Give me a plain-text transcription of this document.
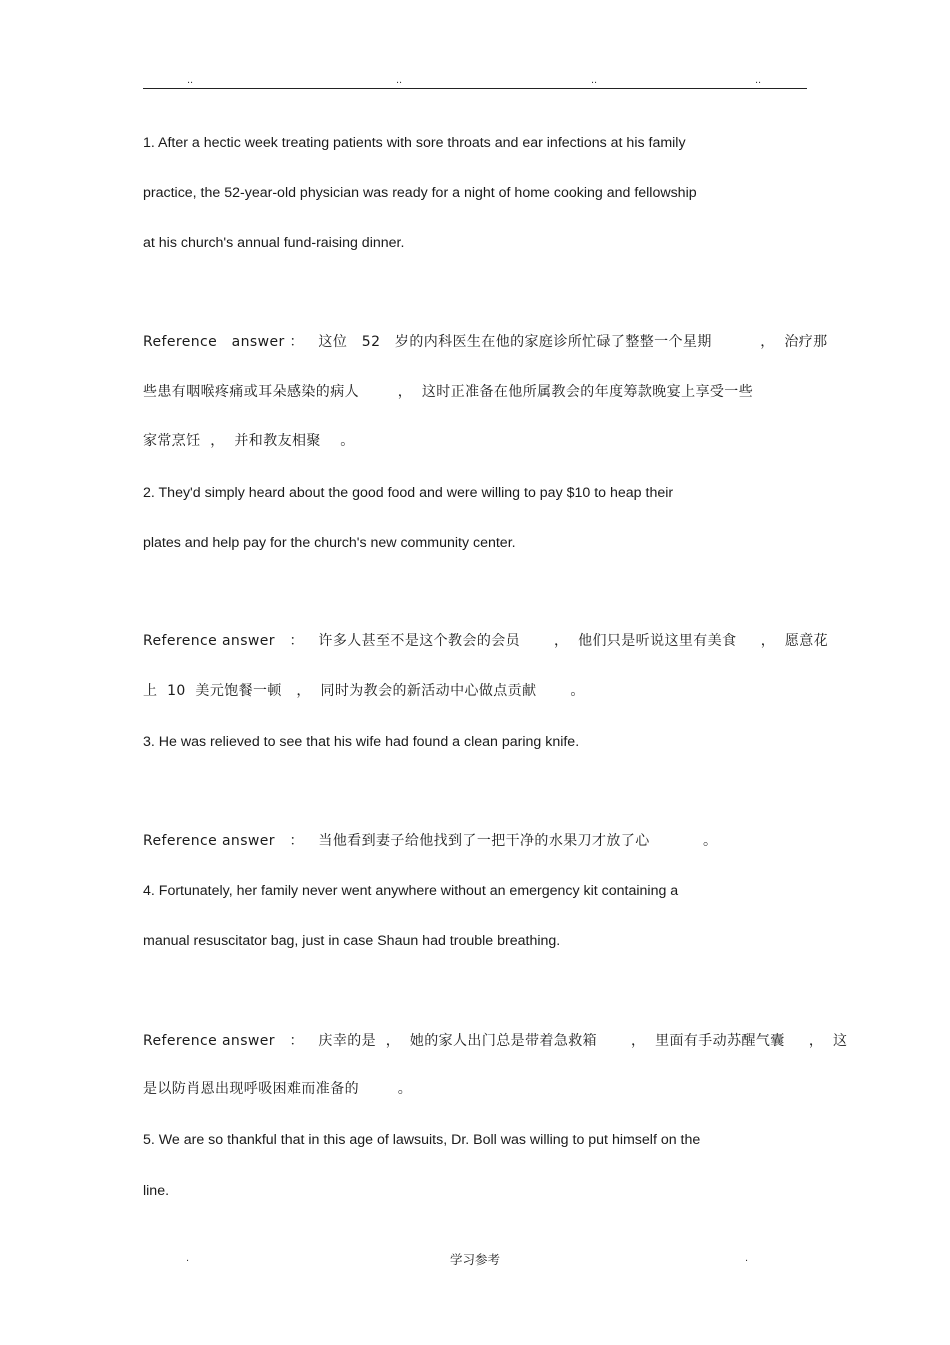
..	..	..	..
1. After a hectic week treating patients with sore throats and ear infections at his family
practice, the 52-year-old physician was ready for a night of home cooking and fellowship
at his church's annual fund-raising dinner.
Reference   answer ：   这位   52   岁的内科医生在他的家庭诊所忙碌了整整一个星期          ，  治疗那
些患有咽喉疼痛或耳朵感染的病人        ，  这时正准备在他所属教会的年度筹款晚宴上享受一些
家常烹饪  ，  并和教友相聚    。
2. They'd simply heard about the good food and were willing to pay $10 to heap their
plates and help pay for the church's new community center.
Reference answer   ：   许多人甚至不是这个教会的会员       ，  他们只是听说这里有美食     ，  愿意花
上  10  美元饱餐一顿   ，  同时为教会的新活动中心做点贡献       。
3. He was relieved to see that his wife had found a clean paring knife.
Reference answer   ：   当他看到妻子给他找到了一把干净的水果刀才放了心           。
4. Fortunately, her family never went anywhere without an emergency kit containing a
manual resuscitator bag, just in case Shaun had trouble breathing.
Reference answer   ：   庆幸的是  ，  她的家人出门总是带着急救箱       ，  里面有手动苏醒气囊     ，  这
是以防肖恩出现呼吸困难而准备的        。
5. We are so thankful that in this age of lawsuits, Dr. Boll was willing to put himself on the
line.
.	学习参考	.
